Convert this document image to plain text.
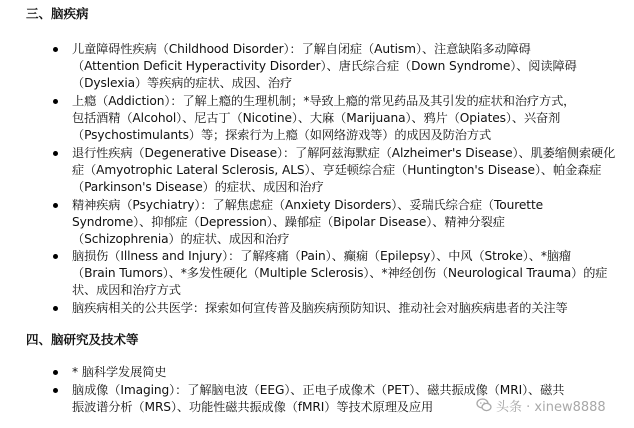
三、脑疾病
儿童障碍性疾病（Childhood Disorder）：了解自闭症（Autism）、注意缺陷多动障碍
（Attention Deficit Hyperactivity Disorder）、唐氏综合症（Down Syndrome）、阅读障碍
（Dyslexia）等疾病的症状、成因、治疗
上瘾（Addiction）：了解上瘾的生理机制；*导致上瘾的常见药品及其引发的症状和治疗方式，
包括酒精（Alcohol）、尼古丁（Nicotine）、大麻（Marijuana）、鸦片（Opiates）、兴奋剂
（Psychostimulants）等；探索行为上瘾（如网络游戏等）的成因及防治方式
退行性疾病（Degenerative Disease）：了解阿兹海默症（Alzheimer's Disease）、肌萎缩侧索硬化
症（Amyotrophic Lateral Sclerosis, ALS）、亨廷顿综合症（Huntington's Disease）、帕金森症
（Parkinson's Disease）的症状、成因和治疗
精神疾病（Psychiatry）：了解焦虑症（Anxiety Disorders）、妥瑞氏综合症（Tourette
Syndrome）、抑郁症（Depression）、躁郁症（Bipolar Disease）、精神分裂症
（Schizophrenia）的症状、成因和治疗
脑损伤（Illness and Injury）：了解疼痛（Pain）、癫痫（Epilepsy）、中风（Stroke）、*脑瘤
（Brain Tumors）、*多发性硬化（Multiple Sclerosis）、*神经创伤（Neurological Trauma）的症
状、成因和治疗方式
脑疾病相关的公共医学：探索如何宣传普及脑疾病预防知识、推动社会对脑疾病患者的关注等
四、脑研究及技术等
* 脑科学发展简史
脑成像（Imaging）：了解脑电波（EEG）、正电子成像术（PET）、磁共振成像（MRI）、磁共
振波谱分析（MRS）、功能性磁共振成像（fMRI）等技术原理及应用	头条 · xinew8888
